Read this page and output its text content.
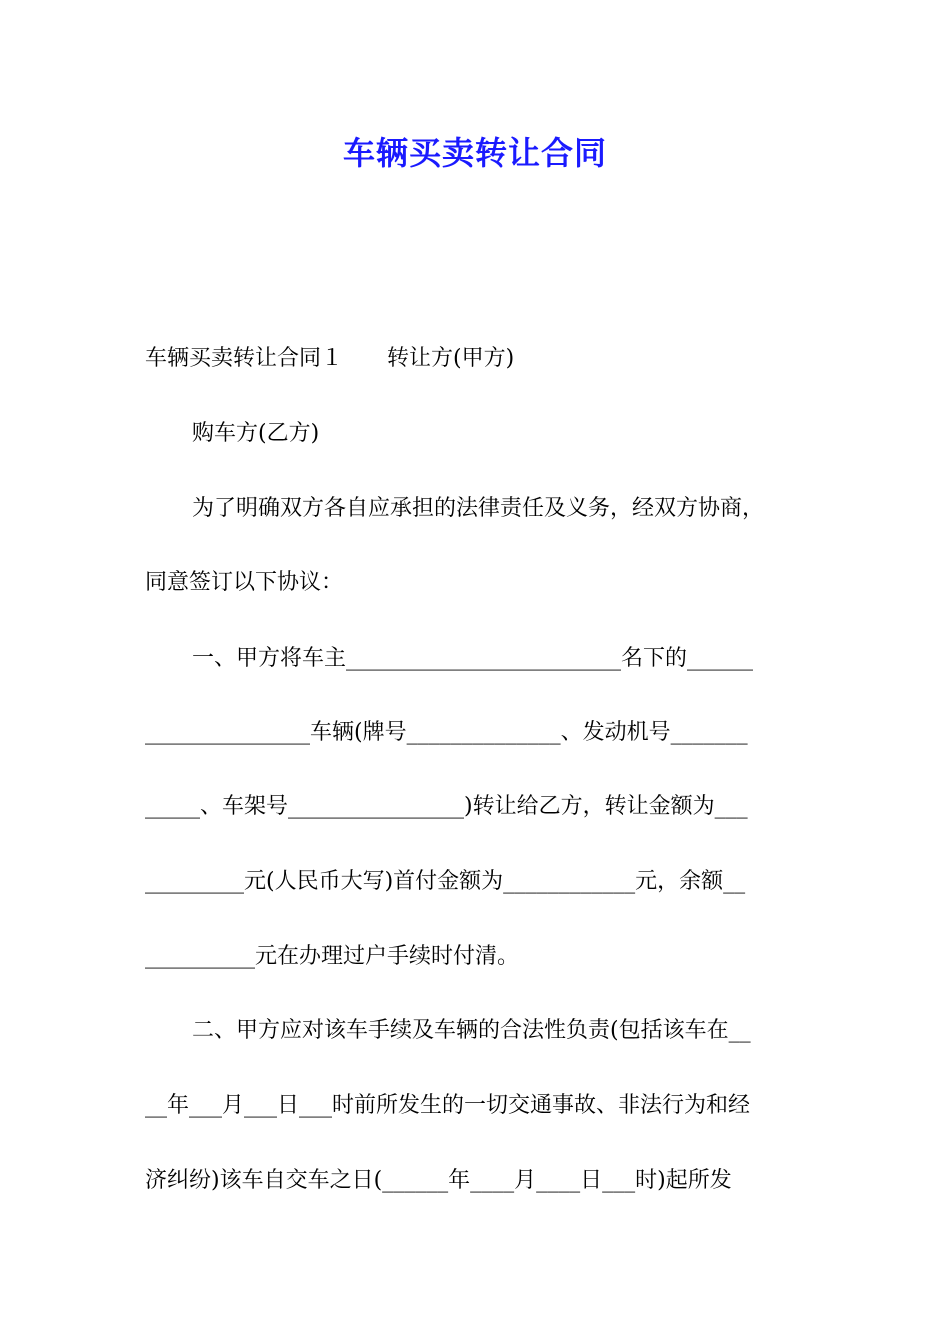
车辆买卖转让合同
车辆买卖转让合同１　　转让方(甲方)
购车方(乙方)
为了明确双方各自应承担的法律责任及义务，经双方协商，
同意签订以下协议：
一、甲方将车主_________________________名下的______
_______________车辆(牌号______________、发动机号_______
_____、车架号________________)转让给乙方，转让金额为___
_________元(人民币大写)首付金额为____________元，余额__
__________元在办理过户手续时付清。
二、甲方应对该车手续及车辆的合法性负责(包括该车在__
__年___月___日___时前所发生的一切交通事故、非法行为和经
济纠纷)该车自交车之日(______年____月____日___时)起所发
